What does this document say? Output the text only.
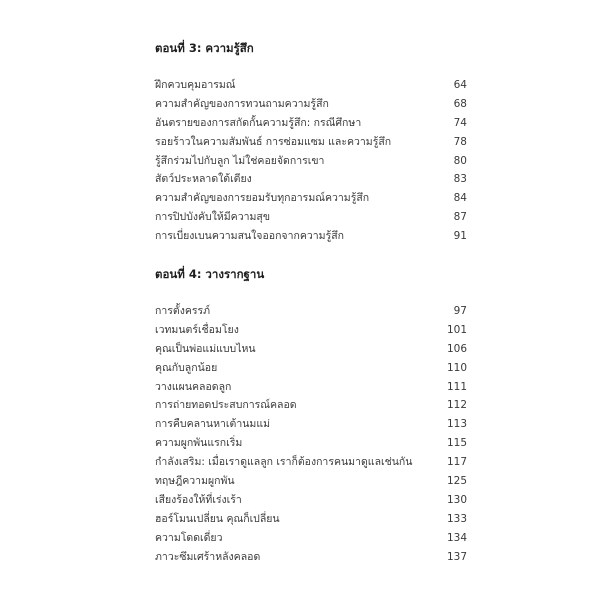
ตอนที่ 3: ความรู้สึก
ฝึกควบคุมอารมณ์	64
ความสำคัญของการทวนถามความรู้สึก	68
อันตรายของการสกัดกั้นความรู้สึก: กรณีศึกษา	74
รอยร้าวในความสัมพันธ์ การซ่อมแซม และความรู้สึก	78
รู้สึกร่วมไปกับลูก ไม่ใช่คอยจัดการเขา	80
สัตว์ประหลาดใต้เตียง	83
ความสำคัญของการยอมรับทุกอารมณ์ความรู้สึก	84
การปิปบังคับให้มีความสุข	87
การเบี่ยงเบนความสนใจออกจากความรู้สึก	91
ตอนที่ 4: วางรากฐาน
การตั้งครรภ์	97
เวทมนตร์เชื่อมโยง	101
คุณเป็นพ่อแม่แบบไหน	106
คุณกับลูกน้อย	110
วางแผนคลอดลูก	111
การถ่ายทอดประสบการณ์คลอด	112
การคืบคลานหาเต้านมแม่	113
ความผูกพันแรกเริ่ม	115
กำลังเสริม: เมื่อเราดูแลลูก เราก็ต้องการคนมาดูแลเช่นกัน	117
ทฤษฎีความผูกพัน	125
เสียงร้องให้ที่เร่งเร้า	130
ฮอร์โมนเปลี่ยน คุณก็เปลี่ยน	133
ความโดดเดี่ยว	134
ภาวะซึมเศร้าหลังคลอด	137
